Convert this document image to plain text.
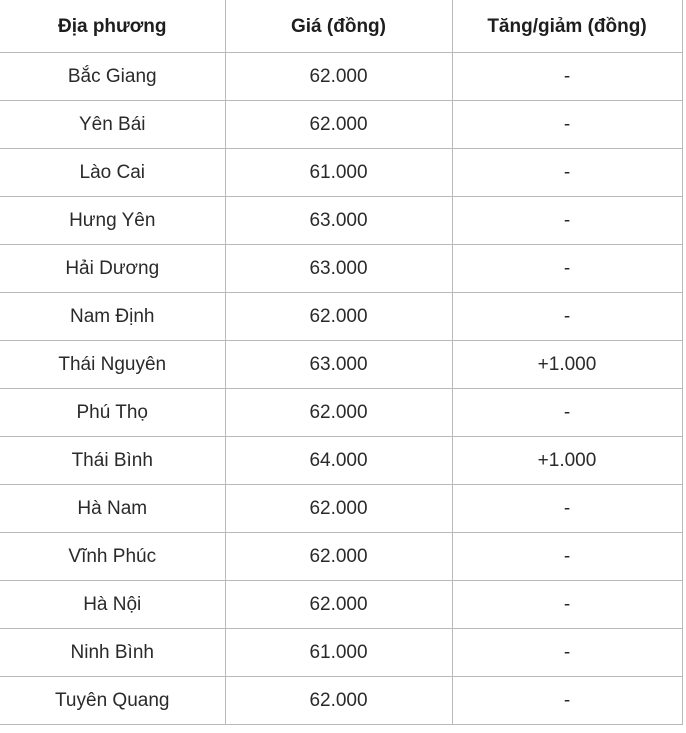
Địa phương	Giá (đồng)	Tăng/giảm (đồng)
Bắc Giang	62.000	-
Yên Bái	62.000	-
Lào Cai	61.000	-
Hưng Yên	63.000	-
Hải Dương	63.000	-
Nam Định	62.000	-
Thái Nguyên	63.000	+1.000
Phú Thọ	62.000	-
Thái Bình	64.000	+1.000
Hà Nam	62.000	-
Vĩnh Phúc	62.000	-
Hà Nội	62.000	-
Ninh Bình	61.000	-
Tuyên Quang	62.000	-
